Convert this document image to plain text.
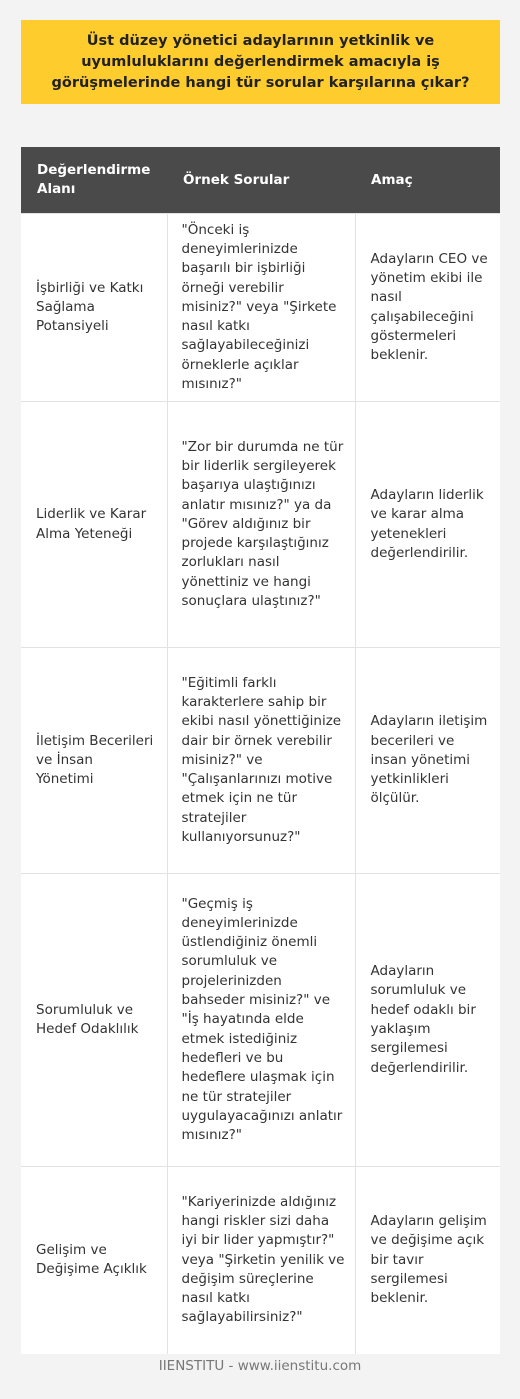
Üst düzey yönetici adaylarının yetkinlik ve uyumluluklarını değerlendirmek amacıyla iş görüşmelerinde hangi tür sorular karşılarına çıkar?
Değerlendirme Alanı	Örnek Sorular	Amaç
İşbirliği ve Katkı Sağlama Potansiyeli	"Önceki iş deneyimlerinizde başarılı bir işbirliği örneği verebilir misiniz?" veya "Şirkete nasıl katkı sağlayabileceğinizi örneklerle açıklar mısınız?"	Adayların CEO ve yönetim ekibi ile nasıl çalışabileceğini göstermeleri beklenir.
Liderlik ve Karar Alma Yeteneği	"Zor bir durumda ne tür bir liderlik sergileyerek başarıya ulaştığınızı anlatır mısınız?" ya da "Görev aldığınız bir projede karşılaştığınız zorlukları nasıl yönettiniz ve hangi sonuçlara ulaştınız?"	Adayların liderlik ve karar alma yetenekleri değerlendirilir.
İletişim Becerileri ve İnsan Yönetimi	"Eğitimli farklı karakterlere sahip bir ekibi nasıl yönettiğinize dair bir örnek verebilir misiniz?" ve "Çalışanlarınızı motive etmek için ne tür stratejiler kullanıyorsunuz?"	Adayların iletişim becerileri ve insan yönetimi yetkinlikleri ölçülür.
Sorumluluk ve Hedef Odaklılık	"Geçmiş iş deneyimlerinizde üstlendiğiniz önemli sorumluluk ve projelerinizden bahseder misiniz?" ve "İş hayatında elde etmek istediğiniz hedefleri ve bu hedeflere ulaşmak için ne tür stratejiler uygulayacağınızı anlatır mısınız?"	Adayların sorumluluk ve hedef odaklı bir yaklaşım sergilemesi değerlendirilir.
Gelişim ve Değişime Açıklık	"Kariyerinizde aldığınız hangi riskler sizi daha iyi bir lider yapmıştır?" veya "Şirketin yenilik ve değişim süreçlerine nasıl katkı sağlayabilirsiniz?"	Adayların gelişim ve değişime açık bir tavır sergilemesi beklenir.
IIENSTITU - www.iienstitu.com
